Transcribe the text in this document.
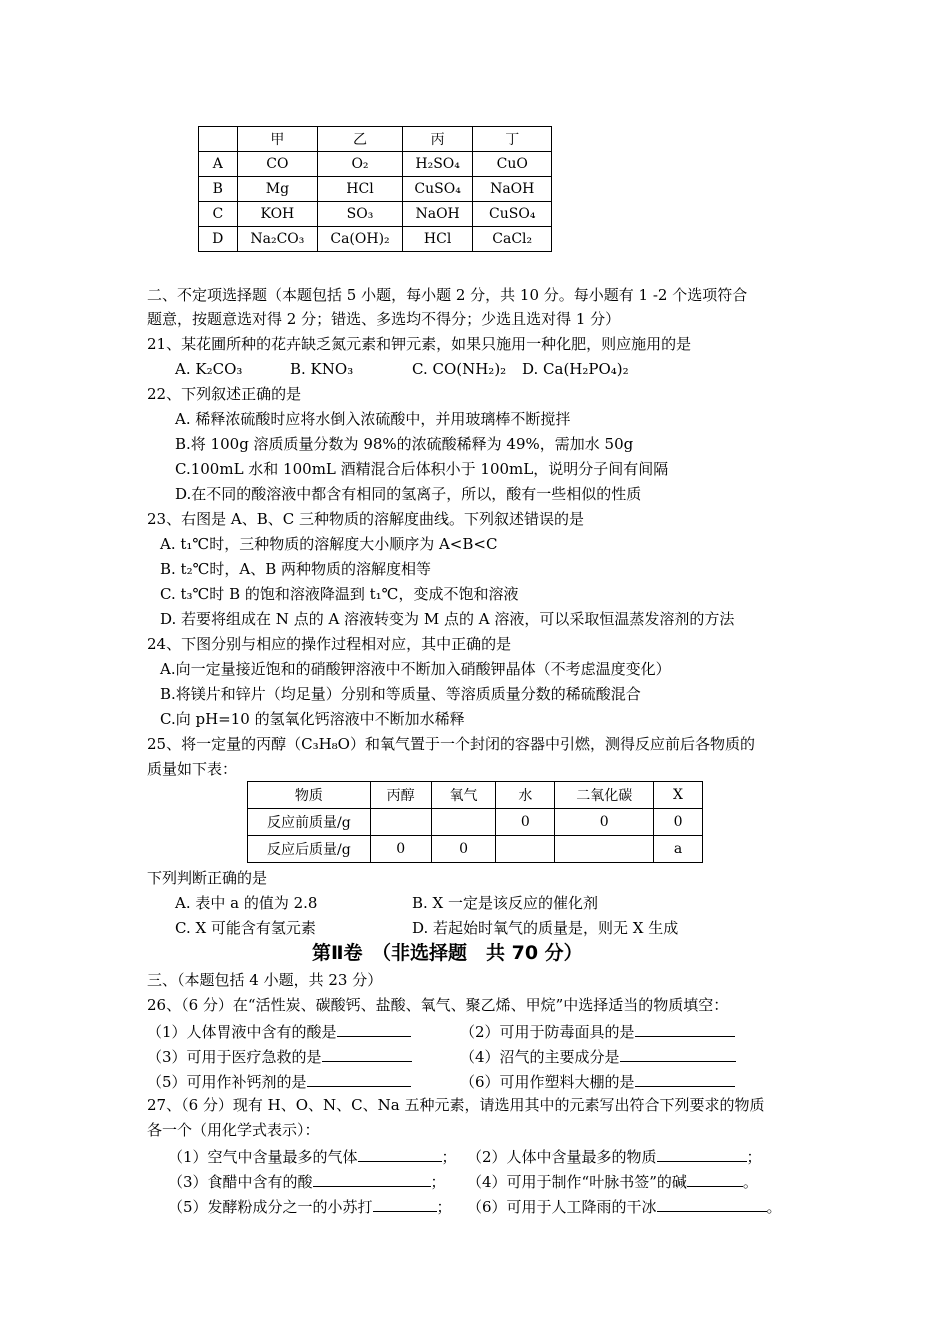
	甲	乙	丙	丁
A	CO	O₂	H₂SO₄	CuO
B	Mg	HCl	CuSO₄	NaOH
C	KOH	SO₃	NaOH	CuSO₄
D	Na₂CO₃	Ca(OH)₂	HCl	CaCl₂
二、不定项选择题（本题包括 5 小题，每小题 2 分，共 10 分。每小题有 1 -2 个选项符合
题意，按题意选对得 2 分；错选、多选均不得分；少选且选对得 1 分）
21、某花圃所种的花卉缺乏氮元素和钾元素，如果只施用一种化肥，则应施用的是
A. K₂CO₃	B. KNO₃	C. CO(NH₂)₂ D. Ca(H₂PO₄)₂
22、下列叙述正确的是
A. 稀释浓硫酸时应将水倒入浓硫酸中，并用玻璃棒不断搅拌
B.将 100g 溶质质量分数为 98%的浓硫酸稀释为 49%，需加水 50g
C.100mL 水和 100mL 酒精混合后体积小于 100mL，说明分子间有间隔
D.在不同的酸溶液中都含有相同的氢离子，所以，酸有一些相似的性质
23、右图是 A、B、C 三种物质的溶解度曲线。下列叙述错误的是
A. t₁℃时，三种物质的溶解度大小顺序为 A<B<C
B. t₂℃时，A、B 两种物质的溶解度相等
C. t₃℃时 B 的饱和溶液降温到 t₁℃，变成不饱和溶液
D. 若要将组成在 N 点的 A 溶液转变为 M 点的 A 溶液，可以采取恒温蒸发溶剂的方法
24、下图分别与相应的操作过程相对应，其中正确的是
A.向一定量接近饱和的硝酸钾溶液中不断加入硝酸钾晶体（不考虑温度变化）
B.将镁片和锌片（均足量）分别和等质量、等溶质质量分数的稀硫酸混合
C.向 pH=10 的氢氧化钙溶液中不断加水稀释
25、将一定量的丙醇（C₃H₈O）和氧气置于一个封闭的容器中引燃，测得反应前后各物质的
质量如下表：
物质	丙醇	氧气	水	二氧化碳	X
反应前质量/g			0	0	0
反应后质量/g	0	0			a
下列判断正确的是
A. 表中 a 的值为 2.8	B. X 一定是该反应的催化剂
C. X 可能含有氢元素	D. 若起始时氧气的质量是，则无 X 生成
第Ⅱ卷　（非选择题　共 70 分）
三、（本题包括 4 小题，共 23 分）
26、（6 分）在“活性炭、碳酸钙、盐酸、氧气、聚乙烯、甲烷”中选择适当的物质填空：
（1）人体胃液中含有的酸是	（2）可用于防毒面具的是
（3）可用于医疗急救的是	（4）沼气的主要成分是
（5）可用作补钙剂的是	（6）可用作塑料大棚的是
27、（6 分）现有 H、O、N、C、Na 五种元素，请选用其中的元素写出符合下列要求的物质
各一个（用化学式表示）：
（1）空气中含量最多的气体	； （2）人体中含量最多的物质	；
（3）食醋中含有的酸	； （4）可用于制作“叶脉书签”的碱	。
（5）发酵粉成分之一的小苏打	； （6）可用于人工降雨的干冰	。
